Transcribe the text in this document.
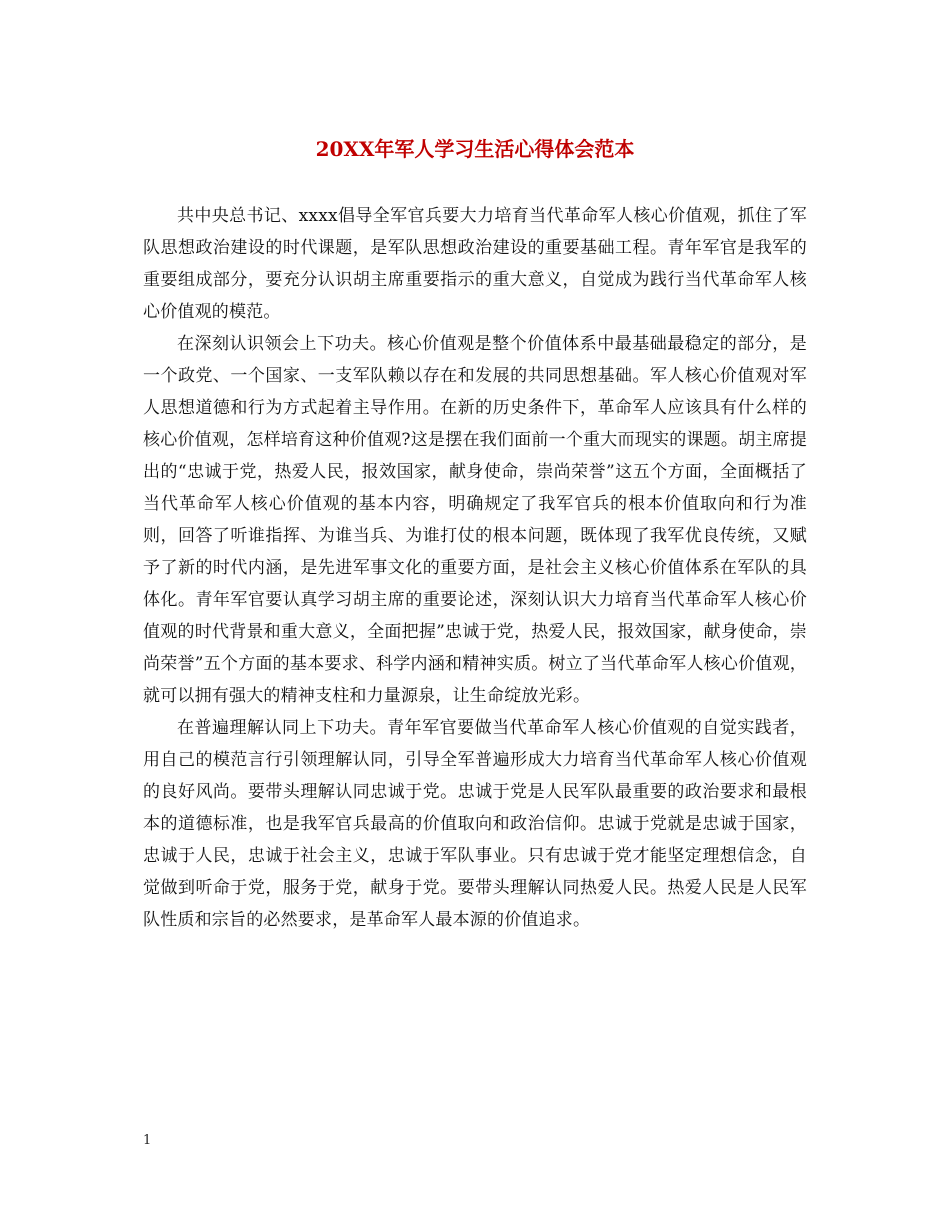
20XX年军人学习生活心得体会范本

共中央总书记、xxxx倡导全军官兵要大力培育当代革命军人核心价值观，抓住了军队思想政治建设的时代课题，是军队思想政治建设的重要基础工程。青年军官是我军的重要组成部分，要充分认识胡主席重要指示的重大意义，自觉成为践行当代革命军人核心价值观的模范。

在深刻认识领会上下功夫。核心价值观是整个价值体系中最基础最稳定的部分，是一个政党、一个国家、一支军队赖以存在和发展的共同思想基础。军人核心价值观对军人思想道德和行为方式起着主导作用。在新的历史条件下，革命军人应该具有什么样的核心价值观，怎样培育这种价值观?这是摆在我们面前一个重大而现实的课题。胡主席提出的“忠诚于党，热爱人民，报效国家，献身使命，崇尚荣誉”这五个方面，全面概括了当代革命军人核心价值观的基本内容，明确规定了我军官兵的根本价值取向和行为准则，回答了听谁指挥、为谁当兵、为谁打仗的根本问题，既体现了我军优良传统，又赋予了新的时代内涵，是先进军事文化的重要方面，是社会主义核心价值体系在军队的具体化。青年军官要认真学习胡主席的重要论述，深刻认识大力培育当代革命军人核心价值观的时代背景和重大意义，全面把握”忠诚于党，热爱人民，报效国家，献身使命，崇尚荣誉”五个方面的基本要求、科学内涵和精神实质。树立了当代革命军人核心价值观，就可以拥有强大的精神支柱和力量源泉，让生命绽放光彩。

在普遍理解认同上下功夫。青年军官要做当代革命军人核心价值观的自觉实践者，用自己的模范言行引领理解认同，引导全军普遍形成大力培育当代革命军人核心价值观的良好风尚。要带头理解认同忠诚于党。忠诚于党是人民军队最重要的政治要求和最根本的道德标准，也是我军官兵最高的价值取向和政治信仰。忠诚于党就是忠诚于国家，忠诚于人民，忠诚于社会主义，忠诚于军队事业。只有忠诚于党才能坚定理想信念，自觉做到听命于党，服务于党，献身于党。要带头理解认同热爱人民。热爱人民是人民军队性质和宗旨的必然要求，是革命军人最本源的价值追求。

1
